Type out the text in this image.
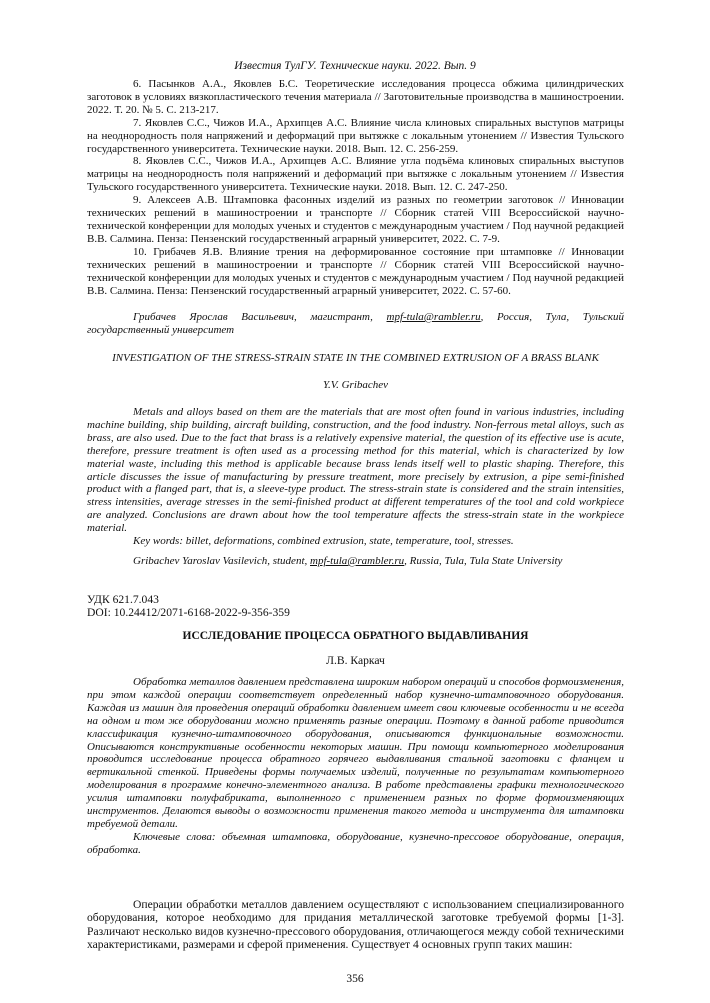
Известия ТулГУ. Технические науки. 2022. Вып. 9

6. Пасынков А.А., Яковлев Б.С. Теоретические исследования процесса обжима цилиндрических заготовок в условиях вязкопластического течения материала // Заготовительные производства в машиностроении. 2022. Т. 20. № 5. С. 213-217.

7. Яковлев С.С., Чижов И.А., Архипцев А.С. Влияние числа клиновых спиральных выступов матрицы на неоднородность поля напряжений и деформаций при вытяжке с локальным утонением // Известия Тульского государственного университета. Технические науки. 2018. Вып. 12. С. 256-259.

8. Яковлев С.С., Чижов И.А., Архипцев А.С. Влияние угла подъёма клиновых спиральных выступов матрицы на неоднородность поля напряжений и деформаций при вытяжке с локальным утонением // Известия Тульского государственного университета. Технические науки. 2018. Вып. 12. С. 247-250.

9. Алексеев А.В. Штамповка фасонных изделий из разных по геометрии заготовок // Инновации технических решений в машиностроении и транспорте // Сборник статей VIII Всероссийской научно-технической конференции для молодых ученых и студентов с международным участием / Под научной редакцией В.В. Салмина. Пенза: Пензенский государственный аграрный университет, 2022. С. 7-9.

10. Грибачев Я.В. Влияние трения на деформированное состояние при штамповке // Инновации технических решений в машиностроении и транспорте // Сборник статей VIII Всероссийской научно-технической конференции для молодых ученых и студентов с международным участием / Под научной редакцией В.В. Салмина. Пенза: Пензенский государственный аграрный университет, 2022. С. 57-60.

Грибачев Ярослав Васильевич, магистрант, mpf-tula@rambler.ru, Россия, Тула, Тульский государственный университет

INVESTIGATION OF THE STRESS-STRAIN STATE IN THE COMBINED EXTRUSION OF A BRASS BLANK
Y.V. Gribachev

Metals and alloys based on them are the materials that are most often found in various industries, including machine building, ship building, aircraft building, construction, and the food industry. Non-ferrous metal alloys, such as brass, are also used. Due to the fact that brass is a relatively expensive material, the question of its effective use is acute, therefore, pressure treatment is often used as a processing method for this material, which is characterized by low material waste, including this method is applicable because brass lends itself well to plastic shaping. Therefore, this article discusses the issue of manufacturing by pressure treatment, more precisely by extrusion, a pipe semi-finished product with a flanged part, that is, a sleeve-type product. The stress-strain state is considered and the strain intensities, stress intensities, average stresses in the semi-finished product at different temperatures of the tool and cold workpiece are analyzed. Conclusions are drawn about how the tool temperature affects the stress-strain state in the workpiece material.

Key words: billet, deformations, combined extrusion, state, temperature, tool, stresses.

Gribachev Yaroslav Vasilevich, student, mpf-tula@rambler.ru, Russia, Tula, Tula State University

УДК 621.7.043
DOI: 10.24412/2071-6168-2022-9-356-359
ИССЛЕДОВАНИЕ ПРОЦЕССА ОБРАТНОГО ВЫДАВЛИВАНИЯ
Л.В. Каркач

Обработка металлов давлением представлена широким набором операций и способов формоизменения, при этом каждой операции соответствует определенный набор кузнечно-штамповочного оборудования. Каждая из машин для проведения операций обработки давлением имеет свои ключевые особенности и не всегда на одном и том же оборудовании можно применять разные операции. Поэтому в данной работе приводится классификация кузнечно-штамповочного оборудования, описываются функциональные возможности. Описываются конструктивные особенности некоторых машин. При помощи компьютерного моделирования проводится исследование процесса обратного горячего выдавливания стальной заготовки с фланцем и вертикальной стенкой. Приведены формы получаемых изделий, полученные по результатам компьютерного моделирования в программе конечно-элементного анализа. В работе представлены графики технологического усилия штамповки полуфабриката, выполненного с применением разных по форме формоизменяющих инструментов. Делаются выводы о возможности применения такого метода и инструмента для штамповки требуемой детали.

Ключевые слова: объемная штамповка, оборудование, кузнечно-прессовое оборудование, операция, обработка.

Операции обработки металлов давлением осуществляют с использованием специализированного оборудования, которое необходимо для придания металлической заготовке требуемой формы [1-3]. Различают несколько видов кузнечно-прессового оборудования, отличающегося между собой техническими характеристиками, размерами и сферой применения. Существует 4 основных групп таких машин:

356
